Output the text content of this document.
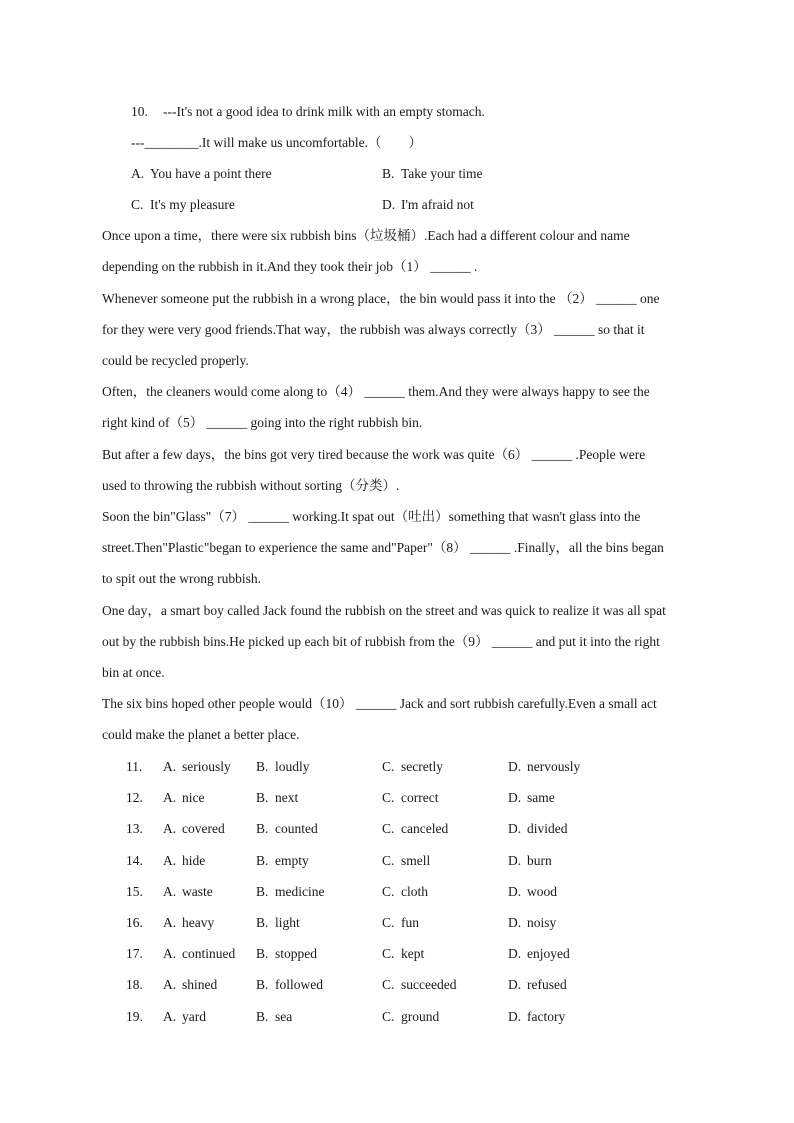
10. ---It's not a good idea to drink milk with an empty stomach.
---________.It will make us uncomfortable.（　　）
A. You have a point there	B. Take your time
C. It's my pleasure	D. I'm afraid not
Once upon a time，there were six rubbish bins（垃圾桶）.Each had a different colour and name
depending on the rubbish in it.And they took their job（1） ______ .
Whenever someone put the rubbish in a wrong place，the bin would pass it into the （2） ______ one
for they were very good friends.That way，the rubbish was always correctly（3） ______ so that it
could be recycled properly.
Often，the cleaners would come along to（4） ______ them.And they were always happy to see the
right kind of（5） ______ going into the right rubbish bin.
But after a few days，the bins got very tired because the work was quite（6） ______ .People were
used to throwing the rubbish without sorting（分类）.
Soon the bin"Glass"（7） ______ working.It spat out（吐出）something that wasn't glass into the
street.Then"Plastic"began to experience the same and"Paper"（8） ______ .Finally，all the bins began
to spit out the wrong rubbish.
One day，a smart boy called Jack found the rubbish on the street and was quick to realize it was all spat
out by the rubbish bins.He picked up each bit of rubbish from the（9） ______ and put it into the right
bin at once.
The six bins hoped other people would（10） ______ Jack and sort rubbish carefully.Even a small act
could make the planet a better place.
11. A. seriously B. loudly	C. secretly	D. nervously
12. A. nice	B. next	C. correct	D. same
13. A. covered B. counted	C. canceled	D. divided
14. A. hide	B. empty	C. smell	D. burn
15. A. waste	B. medicine	C. cloth	D. wood
16. A. heavy	B. light	C. fun	D. noisy
17. A. continued B. stopped	C. kept	D. enjoyed
18. A. shined	B. followed	C. succeeded	D. refused
19. A. yard	B. sea	C. ground	D. factory
